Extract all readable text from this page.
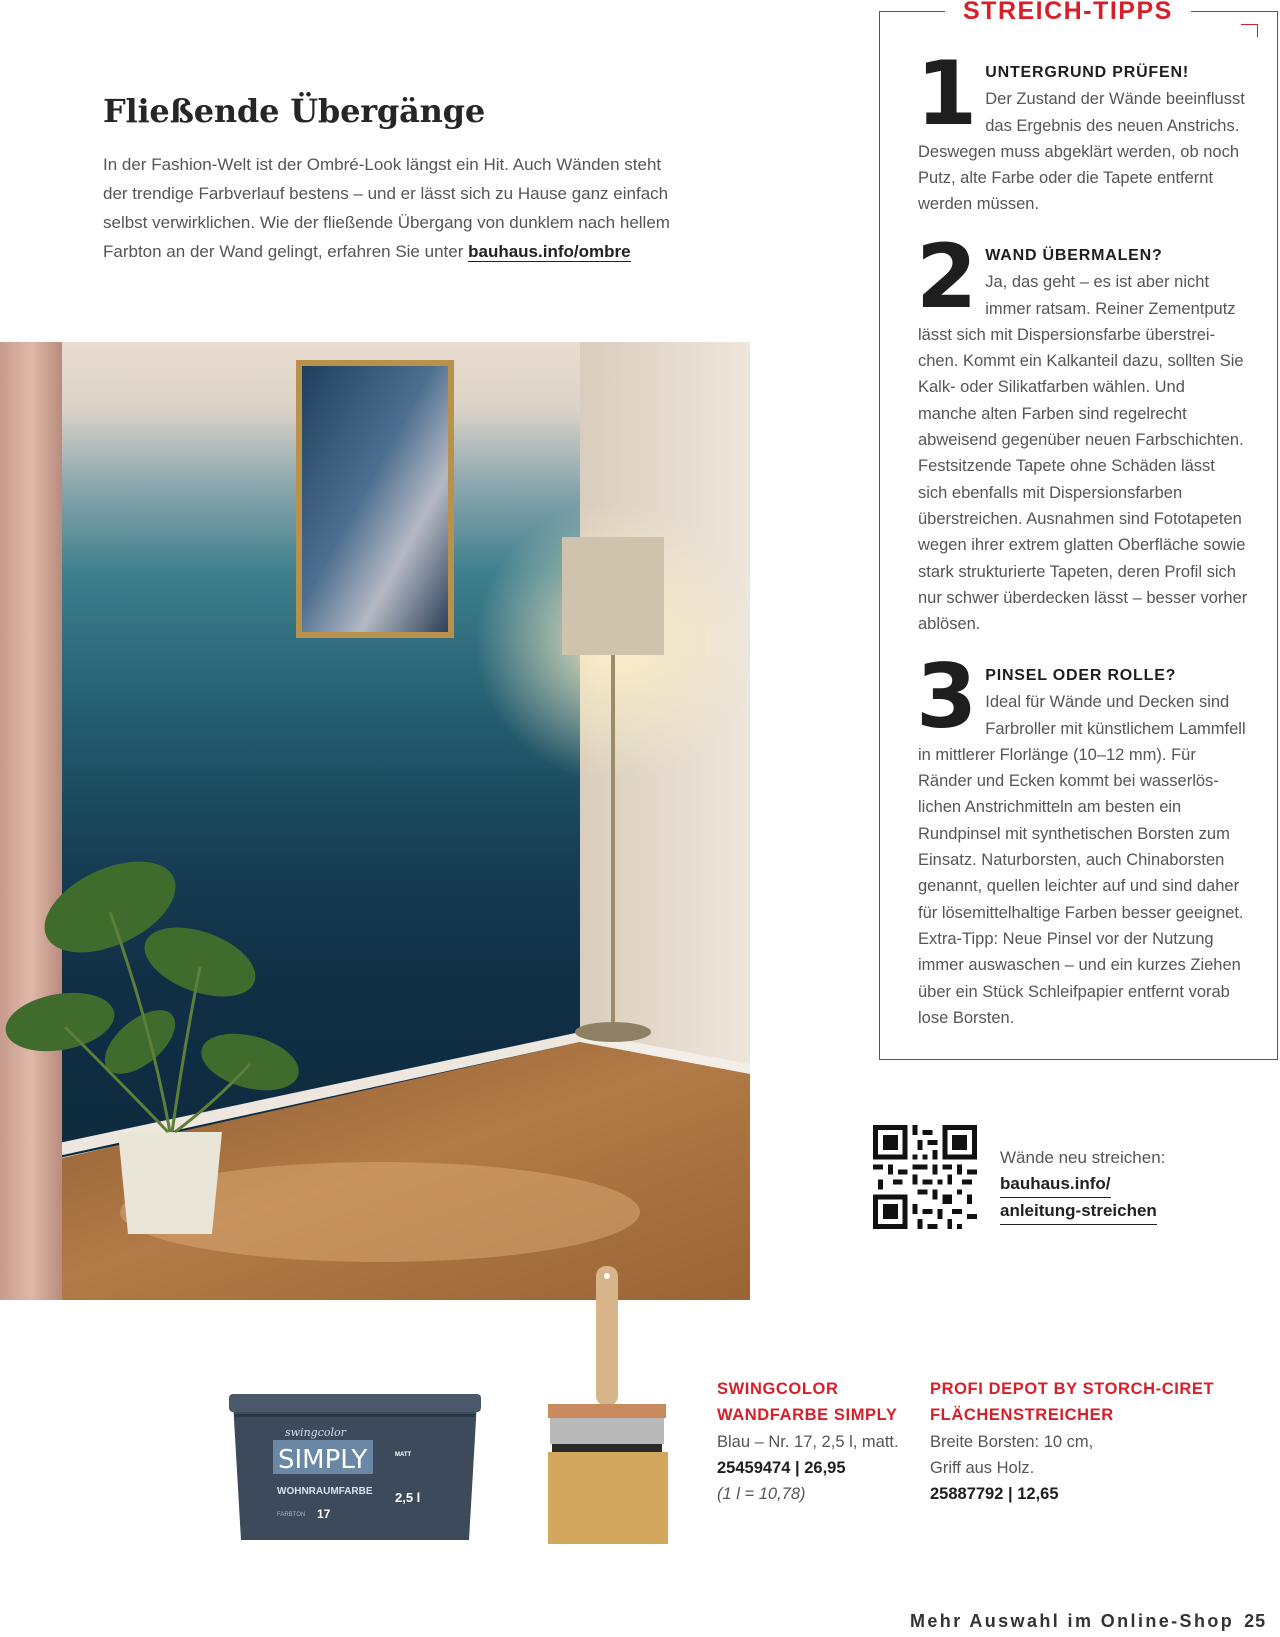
Fließende Übergänge

In der Fashion-Welt ist der Ombré-Look längst ein Hit. Auch Wänden steht der trendige Farbverlauf bestens – und er lässt sich zu Hause ganz einfach selbst verwirklichen. Wie der fließende Übergang von dunklem nach hellem Farbton an der Wand gelingt, erfahren Sie unter bauhaus.info/ombre

STREICH-TIPPS

1 UNTERGRUND PRÜFEN!
Der Zustand der Wände beeinflusst das Ergebnis des neuen Anstrichs. Deswegen muss abgeklärt werden, ob noch Putz, alte Farbe oder die Tapete entfernt werden müssen.

2 WAND ÜBERMALEN?
Ja, das geht – es ist aber nicht immer ratsam. Reiner Zementputz lässt sich mit Dispersionsfarbe überstreichen. Kommt ein Kalkanteil dazu, sollten Sie Kalk- oder Silikatfarben wählen. Und manche alten Farben sind regelrecht abweisend gegenüber neuen Farbschichten. Festsitzende Tapete ohne Schäden lässt sich ebenfalls mit Dispersionsfarben überstreichen. Ausnahmen sind Fototapeten wegen ihrer extrem glatten Oberfläche sowie stark strukturierte Tapeten, deren Profil sich nur schwer überdecken lässt – besser vorher ablösen.

3 PINSEL ODER ROLLE?
Ideal für Wände und Decken sind Farbroller mit künstlichem Lammfell in mittlerer Florlänge (10–12 mm). Für Ränder und Ecken kommt bei wasserlöslichen Anstrichmitteln am besten ein Rundpinsel mit synthetischen Borsten zum Einsatz. Naturborsten, auch Chinaborsten genannt, quellen leichter auf und sind daher für lösemittelhaltige Farben besser geeignet. Extra-Tipp: Neue Pinsel vor der Nutzung immer auswaschen – und ein kurzes Ziehen über ein Stück Schleifpapier entfernt vorab lose Borsten.

Wände neu streichen:
bauhaus.info/
anleitung-streichen

swingcolor
SIMPLY
WOHNRAUMFARBE
FARBTON 17
MATT
2,5 l

SWINGCOLOR
WANDFARBE SIMPLY
Blau – Nr. 17, 2,5 l, matt.
25459474 | 26,95
(1 l = 10,78)

PROFI DEPOT BY STORCH-CIRET
FLÄCHENSTREICHER
Breite Borsten: 10 cm,
Griff aus Holz.
25887792 | 12,65

Mehr Auswahl im Online-Shop 25
